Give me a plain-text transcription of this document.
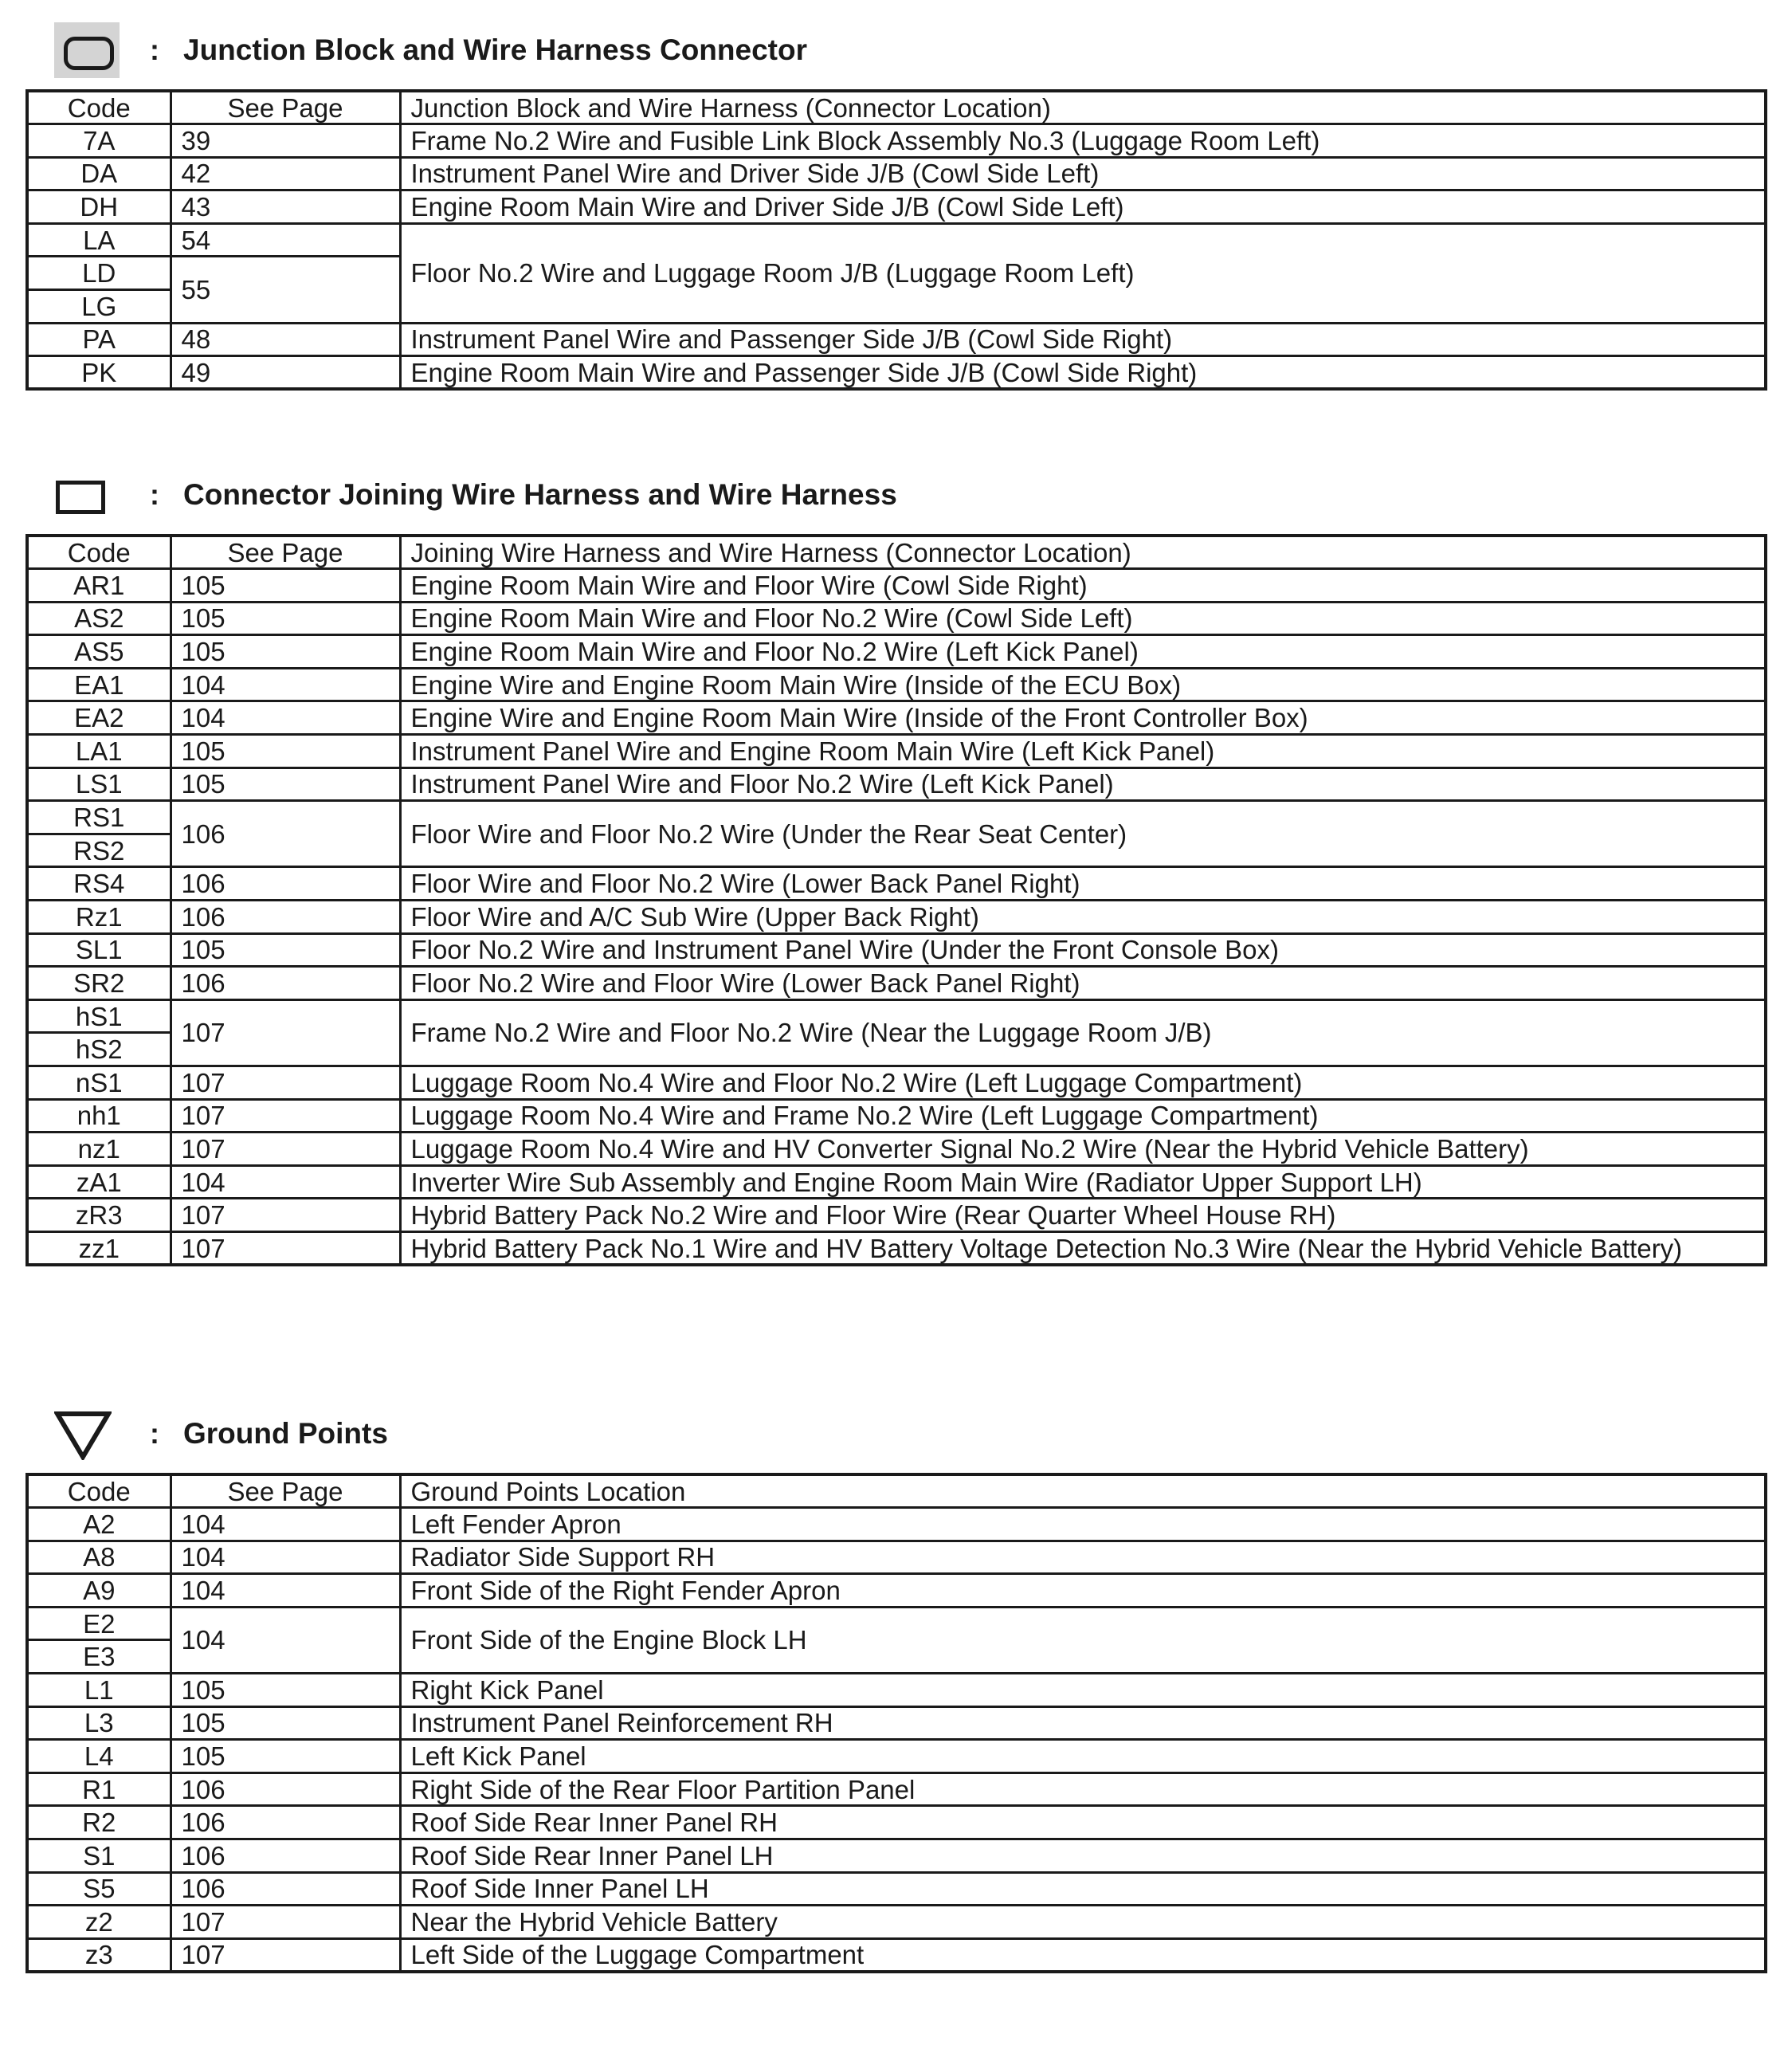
: Junction Block and Wire Harness Connector
Code	See Page	Junction Block and Wire Harness (Connector Location)
7A	39	Frame No.2 Wire and Fusible Link Block Assembly No.3 (Luggage Room Left)
DA	42	Instrument Panel Wire and Driver Side J/B (Cowl Side Left)
DH	43	Engine Room Main Wire and Driver Side J/B (Cowl Side Left)
LA	54	Floor No.2 Wire and Luggage Room J/B (Luggage Room Left)
LD	55	
LG		
PA	48	Instrument Panel Wire and Passenger Side J/B (Cowl Side Right)
PK	49	Engine Room Main Wire and Passenger Side J/B (Cowl Side Right)
: Connector Joining Wire Harness and Wire Harness
Code	See Page	Joining Wire Harness and Wire Harness (Connector Location)
AR1	105	Engine Room Main Wire and Floor Wire (Cowl Side Right)
AS2	105	Engine Room Main Wire and Floor No.2 Wire (Cowl Side Left)
AS5	105	Engine Room Main Wire and Floor No.2 Wire (Left Kick Panel)
EA1	104	Engine Wire and Engine Room Main Wire (Inside of the ECU Box)
EA2	104	Engine Wire and Engine Room Main Wire (Inside of the Front Controller Box)
LA1	105	Instrument Panel Wire and Engine Room Main Wire (Left Kick Panel)
LS1	105	Instrument Panel Wire and Floor No.2 Wire (Left Kick Panel)
RS1	106	Floor Wire and Floor No.2 Wire (Under the Rear Seat Center)
RS2		
RS4	106	Floor Wire and Floor No.2 Wire (Lower Back Panel Right)
Rz1	106	Floor Wire and A/C Sub Wire (Upper Back Right)
SL1	105	Floor No.2 Wire and Instrument Panel Wire (Under the Front Console Box)
SR2	106	Floor No.2 Wire and Floor Wire (Lower Back Panel Right)
hS1	107	Frame No.2 Wire and Floor No.2 Wire (Near the Luggage Room J/B)
hS2		
nS1	107	Luggage Room No.4 Wire and Floor No.2 Wire (Left Luggage Compartment)
nh1	107	Luggage Room No.4 Wire and Frame No.2 Wire (Left Luggage Compartment)
nz1	107	Luggage Room No.4 Wire and HV Converter Signal No.2 Wire (Near the Hybrid Vehicle Battery)
zA1	104	Inverter Wire Sub Assembly and Engine Room Main Wire (Radiator Upper Support LH)
zR3	107	Hybrid Battery Pack No.2 Wire and Floor Wire (Rear Quarter Wheel House RH)
zz1	107	Hybrid Battery Pack No.1 Wire and HV Battery Voltage Detection No.3 Wire (Near the Hybrid Vehicle Battery)
: Ground Points
Code	See Page	Ground Points Location
A2	104	Left Fender Apron
A8	104	Radiator Side Support RH
A9	104	Front Side of the Right Fender Apron
E2	104	Front Side of the Engine Block LH
E3		
L1	105	Right Kick Panel
L3	105	Instrument Panel Reinforcement RH
L4	105	Left Kick Panel
R1	106	Right Side of the Rear Floor Partition Panel
R2	106	Roof Side Rear Inner Panel RH
S1	106	Roof Side Rear Inner Panel LH
S5	106	Roof Side Inner Panel LH
z2	107	Near the Hybrid Vehicle Battery
z3	107	Left Side of the Luggage Compartment
